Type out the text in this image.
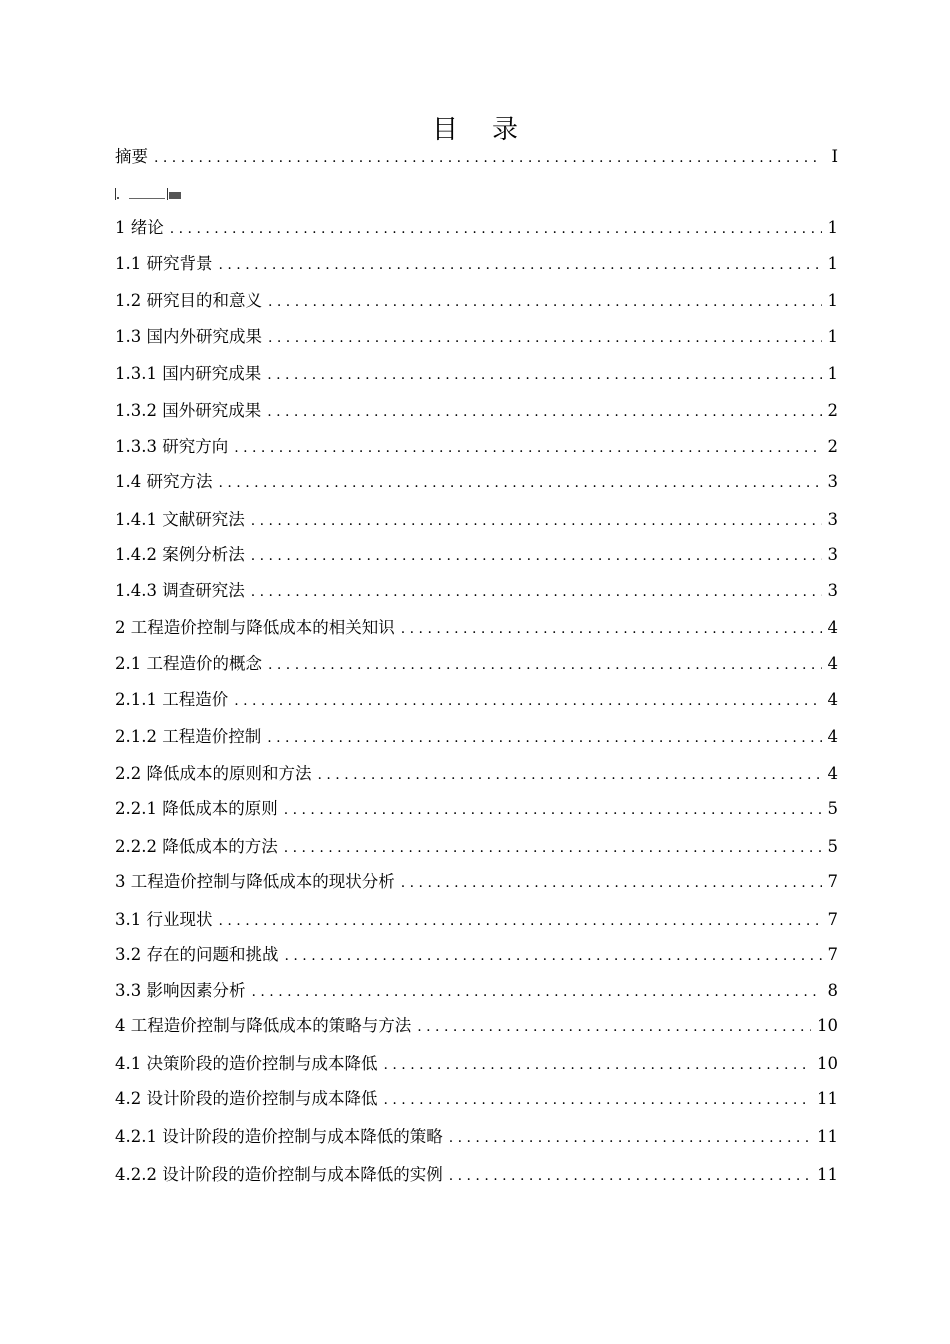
目 录
摘要 . . .	I
1 绪论 . . .	1
1.1 研究背景 . . .	1
1.2 研究目的和意义 . . .	1
1.3 国内外研究成果 . . .	1
1.3.1 国内研究成果 . . .	1
1.3.2 国外研究成果 . . .	2
1.3.3 研究方向 . . .	2
1.4 研究方法 . . .	3
1.4.1 文献研究法 . . .	3
1.4.2 案例分析法 . . .	3
1.4.3 调查研究法 . . .	3
2 工程造价控制与降低成本的相关知识 . . .	4
2.1 工程造价的概念 . . .	4
2.1.1 工程造价 . . .	4
2.1.2 工程造价控制 . . .	4
2.2 降低成本的原则和方法 . . .	4
2.2.1 降低成本的原则 . . .	5
2.2.2 降低成本的方法 . . .	5
3 工程造价控制与降低成本的现状分析 . . .	7
3.1 行业现状 . . .	7
3.2 存在的问题和挑战 . . .	7
3.3 影响因素分析 . . .	8
4 工程造价控制与降低成本的策略与方法 . . .	10
4.1 决策阶段的造价控制与成本降低 . . .	10
4.2 设计阶段的造价控制与成本降低 . . .	11
4.2.1 设计阶段的造价控制与成本降低的策略 . . .	11
4.2.2 设计阶段的造价控制与成本降低的实例 . . .	11
